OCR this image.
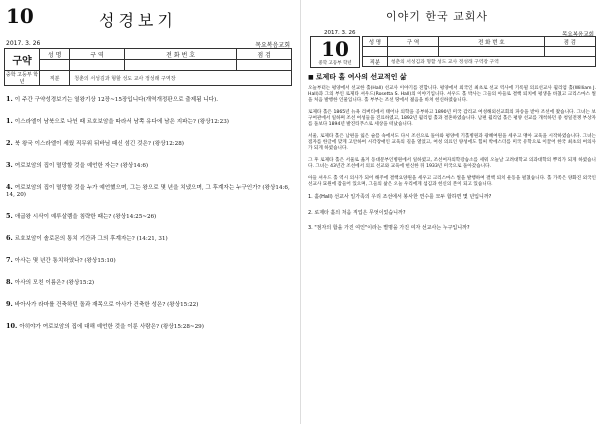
10	성경보기
2017. 3. 26	목요복음교회
구약	성 명	구 역	전 화 번 호	점 검

중학 고등부 학년	직분	청춘의 서성김과 형할 성도 교사 정성래 구역장		
1. 이 주간 구약성경보기는 열왕기상 12장~15장입니다(개역개정판으로 출제됨 니다).
1. 이스라엘이 남북으로 나뉜 때 르호보암을 따라서 남쪽 유다에 남은 지파는? (왕상12:23)
2. 북 왕국 이스라엘이 세웠 직무위 뒤바님 때신 섬긴 것은? (왕상12:28)
3. 여로보암의 집이 멸망할 것을 예언한 자는? (왕상14:6)
4. 여로보암의 집이 멸망할 것을 누가 예언했으며, 그는 왕으로 몇 년을 치냈으며, 그 후계자는 누구인가? (왕상14:6, 14, 20)
5. 애굽왕 시삭이 예루살렘을 침략한 때는? (왕상14:25~26)
6. 르호보암이 솔로몬의 통치 기간과 그의 후계자는? (14:21, 31)
7. 아사는 몇 년간 통치하였나? (왕상15:10)
8. 아사의 모친 이름은? (왕상15:2)
9. 바아사가 라마를 건축하던 돌과 재목으로 아사가 건축한 성은? (왕상15:22)
10. 아히야가 여로보암의 집에 대해 예언한 것을 이룬 사람은? (왕상15:28~29)
이야기 한국 교회사
2017. 3. 26	목요복음교회
10
중학 고등부 학년
성 명	구 역	전 화 번 호	점 검

직분	청춘의 서성김과 형할 성도 교사 정성래 구역장 구역		
■ 로제타 홀 여사의 선교적인 삶

오늘부터는 평양에서 선교한 홀(Hall) 선교사 이야기를 전합니다. 평양에서 외국인 최초로 선교 역사에 기록될 의료선교사 윌리엄 홀(William J. Hall)과 그의 부인 로제타 셔우드(Rosetta S. Hall)의 이야기입니다. 셔우드 홀 박사는 그들의 아들로 결핵 퇴치에 평생을 바쳤고 크리스마스 씰을 처음 발행한 인물입니다. 홀 부부는 조선 땅에서 젊음을 바쳐 헌신하였습니다.

로제타 홀은 1865년 뉴욕 리버티에서 태어나 의학을 공부하고 1890년 미국 감리교 여성해외선교회의 파송을 받아 조선에 왔습니다. 그녀는 보구여관에서 일하며 조선 여성들을 진료하였고, 1892년 윌리엄 홀과 결혼하였습니다. 남편 윌리엄 홀은 평양 선교를 개척하던 중 청일전쟁 부상자를 돌보다 1894년 발진티푸스로 세상을 떠났습니다.

서울, 로제타 홀은 남편을 잃은 슬픔 속에서도 다시 조선으로 돌아와 평양에 기홀병원과 광혜여원을 세우고 맹아 교육을 시작하였습니다. 그녀는 점자를 한글에 맞게 고안하여 시각장애인 교육의 길을 열었고, 여성 의료인 양성에도 힘써 박에스더를 미국 유학으로 이끌어 한국 최초의 여의사가 되게 하였습니다.

그 후 로제타 홀은 서울로 옮겨 동대문부인병원에서 일하였고, 조선여자의학강습소를 세워 오늘날 고려대학교 의과대학의 뿌리가 되게 하였습니다. 그녀는 43년간 조선에서 의료 선교와 교육에 헌신한 뒤 1933년 미국으로 돌아갔습니다.

아들 셔우드 홀 역시 의사가 되어 해주에 결핵요양원을 세우고 크리스마스 씰을 발행하여 결핵 퇴치 운동을 펼쳤습니다. 홀 가족은 양화진 외국인 선교사 묘원에 잠들어 있으며, 그들의 삶은 오늘 우리에게 섬김과 헌신의 본이 되고 있습니다.

1. 홀(Hall) 선교사 일가족의 우리 조선에서 봉사한 연수를 모두 합하면 몇 년입니까?
2. 로제타 홀의 처음 직업은 무엇이었습니까?
3. "점자의 합을 가진 여인"이라는 별명을 가진 여자 선교사는 누구입니까?
